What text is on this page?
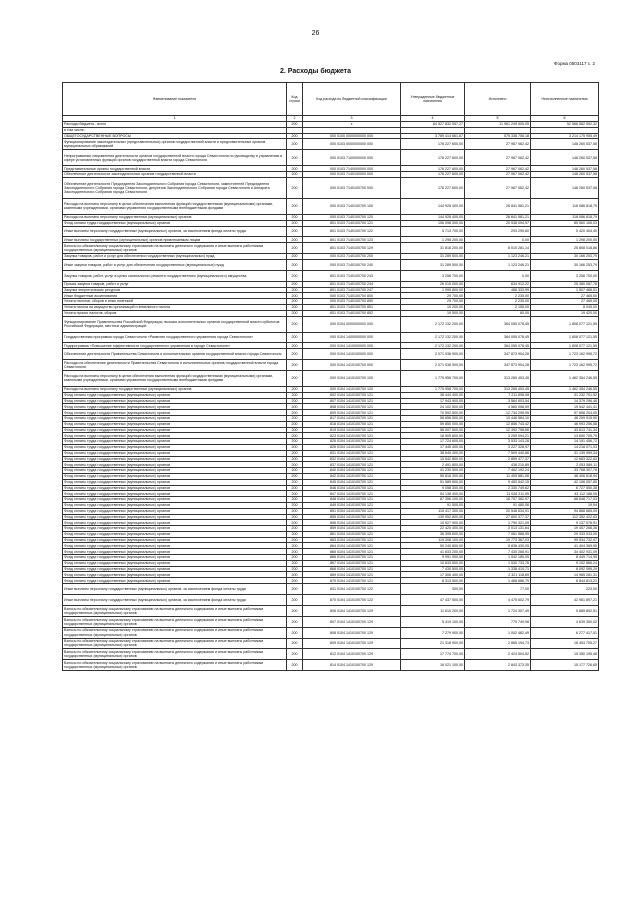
26
Форма 0503117 с. 2
2. Расходы бюджета
Наименование показателя	Код строки	Код расхода по бюджетной классификации	Утвержденные бюджетные назначения	Исполнено	Неисполненные назначения
1	2	3	4	5	6
Расходы бюджета - всего	200	x	64 527 832 057,27	11 961 249 505,05	52 566 582 552,32
в том числе:					
ОБЩЕГОСУДАРСТВЕННЫЕ ВОПРОСЫ	200	000 0100 0000000000 000	3 789 414 661,67	575 338 706,18	3 214 175 955,49
Функционирование законодательных (представительных) органов государственной власти и представительных органов муниципальных образований	200	000 0103 0000000000 000	176 227 600,00	27 967 062,42	148 260 537,58
Непрограммные направления деятельности органов государственной власти города Севастополя по руководству и управлению в сфере установленных функций органов государственной власти города Севастополя	200	000 0103 7100000000 000	176 227 600,00	27 967 062,42	148 260 537,58
Представительные органы государственной власти	200	000 0103 7140000000 000	176 227 600,00	27 967 062,42	148 260 537,58
Обеспечение деятельности законодательных органов государственной власти	200	000 0103 7140100000 000	176 227 600,00	27 967 062,42	148 260 537,58
Обеспечение деятельности Председателя Законодательного Собрания города Севастополя, заместителей Председателя Законодательного Собрания города Севастополя, депутатов Законодательного Собрания города Севастополя и Аппарата Законодательного Собрания города Севастополя	200	000 0103 7140100700 000	176 227 600,00	27 967 062,42	148 260 537,58
Расходы на выплаты персоналу в целях обеспечения выполнения функций государственными (муниципальными) органами, казенными учреждениями, органами управления государственными внебюджетными фондами	200	000 0103 7140100700 100	144 928 400,00	26 841 581,21	118 086 818,79
Расходы на выплаты персоналу государственных (муниципальных) органов	200	000 0103 7140100700 120	144 928 400,00	26 841 581,21	118 086 818,79
Фонд оплаты труда государственных (муниципальных) органов	200	801 0103 7140100700 121	106 098 300,00	20 538 094,97	85 560 165,03
Иные выплаты персоналу государственных (муниципальных) органов, за исключением фонда оплаты труда	200	801 0103 7140100700 122	5 713 700,00	293 295,60	5 420 404,40
Иные выплаты государственных (муниципальных) органов привлекаемым лицам	200	801 0103 7140100700 123	1 298 200,00	0,00	1 298 200,00
Взносы по обязательному социальному страхованию на выплаты денежного содержания и иные выплаты работникам государственных (муниципальных) органов	200	801 0103 7140100700 129	31 818 200,00	6 010 281,14	25 808 018,86
Закупка товаров, работ и услуг для обеспечения государственных (муниципальных) нужд	200	000 0103 7140100700 200	31 289 500,00	1 123 246,21	30 166 253,79
Иные закупки товаров, работ и услуг для обеспечения государственных (муниципальных) нужд	200	000 0103 7140100700 240	31 289 500,00	1 123 246,21	30 166 253,79
Закупка товаров, работ, услуг в целях капитального ремонта государственного (муниципального) имущества	200	801 0103 7140100700 243	3 258 700,00	0,00	3 258 700,00
Прочая закупка товаров, работ и услуг	200	801 0103 7140100700 244	26 015 000,00	634 912,22	25 380 087,78
Закупка энергетических ресурсов	200	801 0103 7140100700 247	1 995 800,00	488 333,99	1 507 466,01
Иные бюджетные ассигнования	200	000 0103 7140100700 800	29 700,00	2 235,00	27 465,00
Уплата налогов, сборов и иных платежей	200	000 0103 7140100700 850	29 700,00	2 235,00	27 465,00
Уплата налога на имущество организаций и земельного налога	200	801 0103 7140100700 851	10 200,00	2 155,00	8 045,00
Уплата прочих налогов, сборов	200	801 0103 7140100700 852	19 500,00	80,00	19 420,00
Функционирование Правительства Российской Федерации, высших исполнительных органов государственной власти субъектов Российской Федерации, местных администраций	200	000 0104 0000000000 000	2 172 132 200,00	364 055 078,45	1 808 077 121,55
Государственная программа города Севастополя «Развитие государственного управления города Севастополя»	200	000 0104 1400000000 000	2 172 132 200,00	364 055 078,45	1 808 077 121,55
Подпрограмма «Повышение эффективности государственного управления в городе Севастополе»	200	000 0104 1410000000 000	2 172 132 200,00	364 055 078,45	1 808 077 121,55
Обеспечение деятельности Правительства Севастополя и исполнительных органов государственной власти города Севастополя	200	000 0104 1410100000 000	2 071 036 900,00	347 873 904,28	1 723 162 995,72
Расходы на обеспечение деятельности Правительства Севастополя и исполнительных органов государственной власти города Севастополя	200	000 0104 1410100700 000	2 071 036 900,00	347 873 904,28	1 723 162 995,72
Расходы на выплаты персоналу в целях обеспечения выполнения функций государственными (муниципальными) органами, казенными учреждениями, органами управления государственными внебюджетными фондами	200	000 0104 1410100700 100	1 775 958 700,00	313 265 453,45	1 462 354 246,55
Расходы на выплаты персоналу государственных (муниципальных) органов	200	000 0104 1410100700 120	1 775 958 700,00	313 265 453,45	1 462 354 246,55
Фонд оплаты труда государственных (муниципальных) органов	200	802 0104 1410100700 121	38 444 400,00	7 211 698,08	31 232 701,92
Фонд оплаты труда государственных (муниципальных) органов	200	807 0104 1410100700 121	17 943 900,00	3 564 603,54	14 379 296,46
Фонд оплаты труда государственных (муниципальных) органов	200	808 0104 1410100700 121	24 102 500,00	4 560 058,59	19 542 441,41
Фонд оплаты труда государственных (муниципальных) органов	200	809 0104 1410100700 121	70 592 500,00	12 734 295,95	57 858 204,05
Фонд оплаты труда государственных (муниципальных) органов	200	817 0104 1410100700 121	58 656 500,00	10 446 584,10	48 209 915,90
Фонд оплаты труда государственных (муниципальных) органов	200	818 0104 1410100700 121	59 850 000,00	12 856 743,42	46 993 256,58
Фонд оплаты труда государственных (муниципальных) органов	200	819 0104 1410100700 121	56 007 500,00	12 393 758,66	43 613 741,34
Фонд оплаты труда государственных (муниципальных) органов	200	823 0104 1410100700 121	16 909 800,00	3 259 094,21	13 650 705,79
Фонд оплаты труда государственных (муниципальных) органов	200	825 0104 1410100700 121	17 724 600,00	3 533 143,28	14 191 456,72
Фонд оплаты труда государственных (муниципальных) органов	200	826 0104 1410100700 121	17 445 400,00	3 227 328,97	14 218 071,03
Фонд оплаты труда государственных (муниципальных) органов	200	831 0104 1410100700 121	38 649 400,00	7 509 440,66	31 139 959,34
Фонд оплаты труда государственных (муниципальных) органов	200	832 0104 1410100700 121	15 542 800,00	2 859 477,37	12 683 322,63
Фонд оплаты труда государственных (муниципальных) органов	200	837 0104 1410100700 121	2 491 800,00	438 210,89	2 053 589,11
Фонд оплаты труда государственных (муниципальных) органов	200	840 0104 1410100700 121	41 230 500,00	7 462 192,24	33 768 307,76
Фонд оплаты труда государственных (муниципальных) органов	200	842 0104 1410100700 121	59 816 300,00	11 409 681,06	48 406 618,94
Фонд оплаты труда государственных (муниципальных) органов	200	845 0104 1410100700 121	51 589 600,00	9 483 542,15	42 106 057,85
Фонд оплаты труда государственных (муниципальных) органов	200	846 0104 1410100700 121	9 058 300,00	2 330 749,62	6 727 550,38
Фонд оплаты труда государственных (муниципальных) органов	200	847 0104 1410100700 121	54 138 400,00	11 026 211,95	43 112 188,05
Фонд оплаты труда государственных (муниципальных) органов	200	848 0104 1410100700 121	87 356 100,00	18 707 382,97	68 648 717,03
Фонд оплаты труда государственных (муниципальных) органов	200	849 0104 1410100700 121	91 500,00	91 480,06	19,94
Фонд оплаты труда государственных (муниципальных) органов	200	851 0104 1410100700 121	115 417 300,00	20 548 634,91	94 868 665,09
Фонд оплаты труда государственных (муниципальных) органов	200	855 0104 1410100700 121	139 952 800,00	27 600 377,37	112 352 422,63
Фонд оплаты труда государственных (муниципальных) органов	200	856 0104 1410100700 121	10 927 900,00	1 790 321,09	9 137 578,91
Фонд оплаты труда государственных (муниципальных) органов	200	859 0104 1410100700 121	22 420 400,00	3 013 131,64	19 407 268,36
Фонд оплаты труда государственных (муниципальных) органов	200	861 0104 1410100700 121	36 395 600,00	7 061 566,95	29 333 033,05
Фонд оплаты труда государственных (муниципальных) органов	200	863 0104 1410100700 121	119 308 100,00	19 773 367,03	99 534 732,97
Фонд оплаты труда государственных (муниципальных) органов	200	864 0104 1410100700 121	50 240 800,00	8 836 430,05	41 404 369,95
Фонд оплаты труда государственных (муниципальных) органов	200	865 0104 1410100700 121	41 833 200,00	7 430 268,91	34 402 931,09
Фонд оплаты труда государственных (муниципальных) органов	200	866 0104 1410100700 121	9 991 900,00	1 542 185,05	8 449 714,95
Фонд оплаты труда государственных (муниципальных) органов	200	867 0104 1410100700 121	10 633 500,00	1 530 733,76	9 102 866,24
Фонд оплаты труда государственных (муниципальных) органов	200	868 0104 1410100700 121	7 430 500,00	1 338 410,71	6 092 089,29
Фонд оплаты труда государственных (муниципальных) органов	200	869 0104 1410100700 121	17 306 400,00	2 321 118,69	14 985 281,31
Фонд оплаты труда государственных (муниципальных) органов	200	870 0104 1410100700 121	8 313 500,00	1 468 686,79	6 844 813,21
Иные выплаты персоналу государственных (муниципальных) органов, за исключением фонда оплаты труда	200	831 0104 1410100700 122	300,00	77,00	223,00
Иные выплаты персоналу государственных (муниципальных) органов, за исключением фонда оплаты труда	200	870 0104 1410100700 122	47 437 500,00	4 475 602,79	42 961 897,21
Взносы по обязательному социальному страхованию на выплаты денежного содержания и иные выплаты работникам государственных (муниципальных) органов	200	806 0104 1410100700 129	11 610 200,00	1 724 307,49	9 885 892,51
Взносы по обязательному социальному страхованию на выплаты денежного содержания и иные выплаты работникам государственных (муниципальных) органов	200	807 0104 1410100700 129	5 419 100,00	779 749,98	4 639 350,02
Взносы по обязательному социальному страхованию на выплаты денежного содержания и иные выплаты работникам государственных (муниципальных) органов	200	808 0104 1410100700 129	7 279 900,00	1 002 482,49	6 277 417,51
Взносы по обязательному социальному страхованию на выплаты денежного содержания и иные выплаты работникам государственных (муниципальных) органов	200	809 0104 1410100700 129	21 318 900,00	2 865 194,73	18 453 705,27
Взносы по обязательному социальному страхованию на выплаты денежного содержания и иные выплаты работникам государственных (муниципальных) органов	200	812 0104 1410100700 129	17 774 700,00	2 424 504,52	15 350 195,48
Взносы по обязательному социальному страхованию на выплаты денежного содержания и иные выплаты работникам государственных (муниципальных) органов	200	814 0104 1410100700 129	18 021 100,00	2 843 373,35	15 177 726,65
